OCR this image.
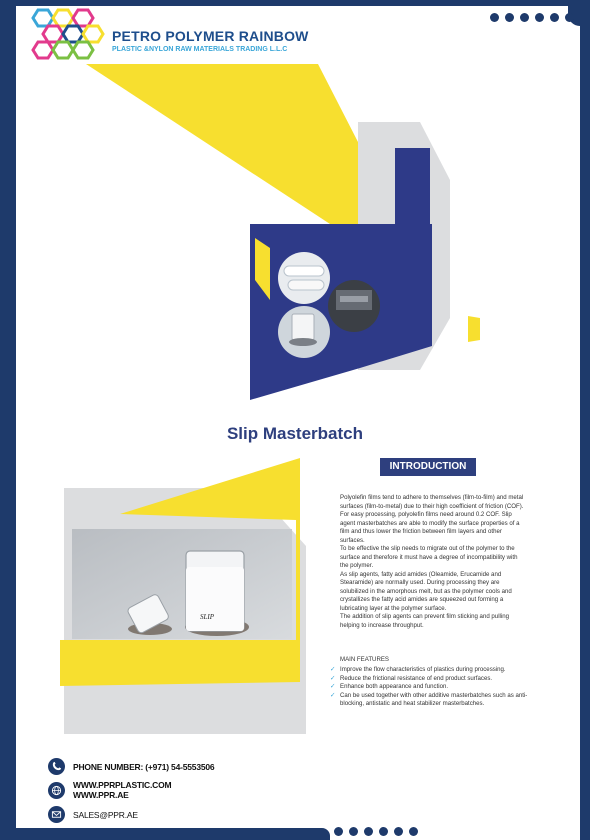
PETRO POLYMER RAINBOW
PLASTIC &NYLON RAW MATERIALS TRADING L.L.C
Slip Masterbatch
SLIP
INTRODUCTION

Polyolefin films tend to adhere to themselves (film-to-film) and metal surfaces (film-to-metal) due to their high coefficient of friction (COF). For easy processing, polyolefin films need around 0.2 COF. Slip agent masterbatches are able to modify the surface properties of a film and thus lower the friction between film layers and other surfaces.

To be effective the slip needs to migrate out of the polymer to the surface and therefore it must have a degree of incompatibility with the polymer.

As slip agents, fatty acid amides (Oleamide, Erucamide and Stearamide) are normally used. During processing they are solubilized in the amorphous melt, but as the polymer cools and crystallizes the fatty acid amides are squeezed out forming a lubricating layer at the polymer surface.

The addition of slip agents can prevent film sticking and pulling helping to increase throughput.

MAIN FEATURES
✓ Improve the flow characteristics of plastics during processing.
✓ Reduce the frictional resistance of end product surfaces.
✓ Enhance both appearance and function.
✓ Can be used together with other additive masterbatches such as anti-blocking, antistatic and heat stabilizer masterbatches.
PHONE NUMBER: (+971) 54-5553506
WWW.PPRPLASTIC.COM
WWW.PPR.AE
SALES@PPR.AE
